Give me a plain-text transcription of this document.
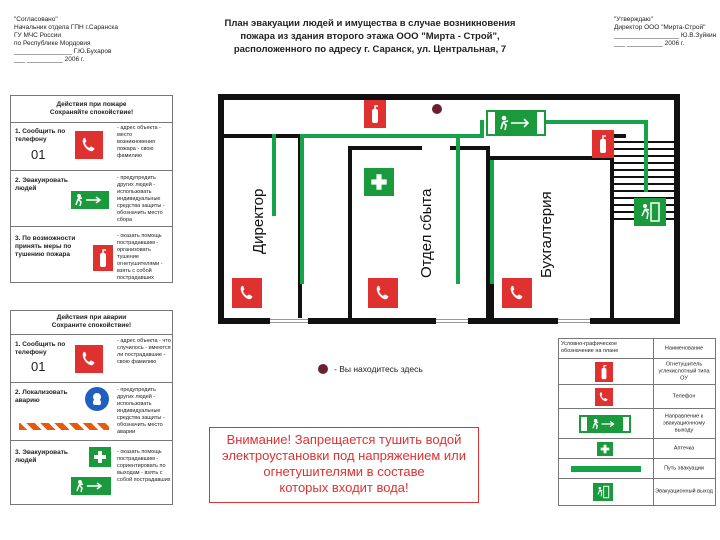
"Согласовано"
Начальник отдела ГПН г.Саранска
ГУ МЧС России
по Республике Мордовия
________________ Г.Ю.Бухаров
___ __________ 2006 г.
План эвакуации людей и имущества в случае возникновения
пожара из здания второго этажа ООО "Мирта - Строй",
расположенного по адресу г. Саранск, ул. Центральная, 7
"Утверждаю"
Директор ООО "Мирта-Строй"
__________________ Ю.В.Зуйкин
___ __________ 2006 г.
Действия при пожаре
Сохраняйте спокойствие!
1. Сообщить по телефону
01
- адрес объекта - место возникновения пожара - свою фамилию
2. Эвакуировать людей
- предупредить других людей - использовать индивидуальные средства защиты - обозначить место сбора
3. По возможности принять меры по тушению пожара
- оказать помощь пострадавшим - организовать тушение огнетушителями - взять с собой пострадавших
Действия при аварии
Сохраните спокойствие!
1. Сообщить по телефону
01
- адрес объекта - что случилось - имеются ли пострадавшие - свою фамилию
2. Локализовать аварию
- предупредить других людей - использовать индивидуальные средства защиты - обозначить место аварии
3. Эвакуировать людей
- оказать помощь пострадавшим - сориентировать по выходам - взять с собой пострадавших
Директор	Отдел сбыта	Бухгалтерия
- Вы находитесь здесь
Внимание! Запрещается тушить водой
электроустановки под напряжением или
огнетушителями в составе
которых входит вода!
Условно-графическое обозначение на плане	Наименование
Огнетушитель углекислотный типа ОУ
Телефон
Направление к эвакуационному выходу
Аптечка
Путь эвакуации
Эвакуационный выход
